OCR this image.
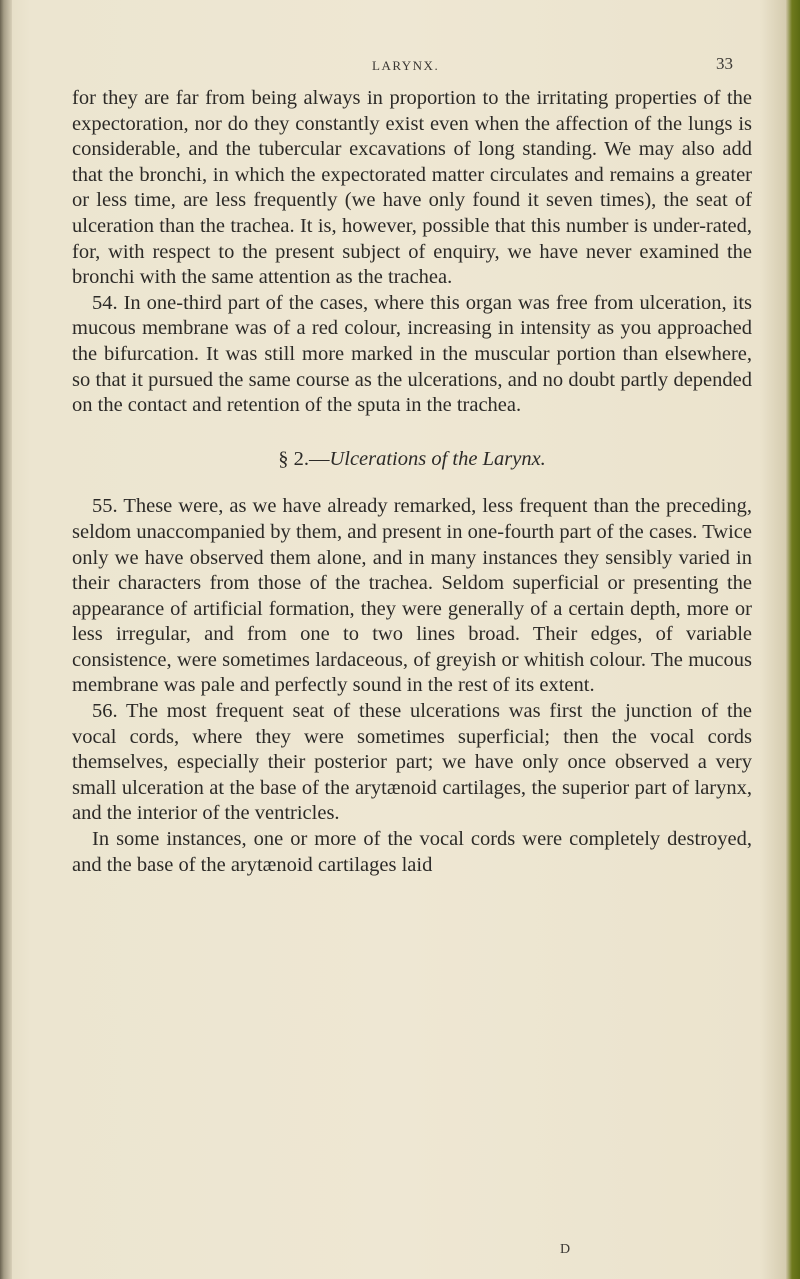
LARYNX.	33

for they are far from being always in proportion to the irritating properties of the expectoration, nor do they constantly exist even when the affection of the lungs is considerable, and the tubercular excavations of long standing. We may also add that the bronchi, in which the expectorated matter circulates and remains a greater or less time, are less frequently (we have only found it seven times), the seat of ulceration than the trachea. It is, however, possible that this number is under-rated, for, with respect to the present subject of enquiry, we have never examined the bronchi with the same attention as the trachea.

54. In one-third part of the cases, where this organ was free from ulceration, its mucous membrane was of a red colour, increasing in intensity as you approached the bifurcation. It was still more marked in the muscular portion than elsewhere, so that it pursued the same course as the ulcerations, and no doubt partly depended on the contact and retention of the sputa in the trachea.

§ 2.—Ulcerations of the Larynx.

55. These were, as we have already remarked, less frequent than the preceding, seldom unaccompanied by them, and present in one-fourth part of the cases. Twice only we have observed them alone, and in many instances they sensibly varied in their characters from those of the trachea. Seldom superficial or presenting the appearance of artificial formation, they were generally of a certain depth, more or less irregular, and from one to two lines broad. Their edges, of variable consistence, were sometimes lardaceous, of greyish or whitish colour. The mucous membrane was pale and perfectly sound in the rest of its extent.

56. The most frequent seat of these ulcerations was first the junction of the vocal cords, where they were sometimes superficial; then the vocal cords themselves, especially their posterior part; we have only once observed a very small ulceration at the base of the arytænoid cartilages, the superior part of larynx, and the interior of the ventricles.

In some instances, one or more of the vocal cords were completely destroyed, and the base of the arytænoid cartilages laid

D
